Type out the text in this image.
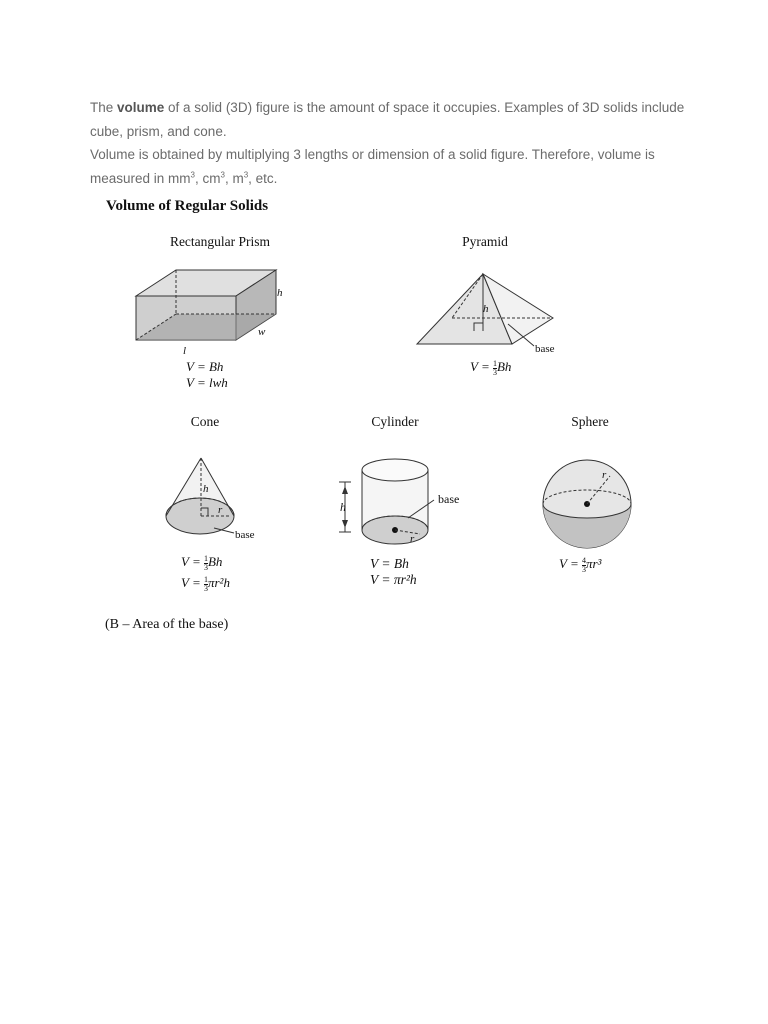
The volume of a solid (3D) figure is the amount of space it occupies. Examples of 3D solids include cube, prism, and cone.
Volume is obtained by multiplying 3 lengths or dimension of a solid figure. Therefore, volume is measured in $mm^3$, $cm^3$, $m^3$, etc.
Volume of Regular Solids
Rectangular Prism
h
w
l
V = Bh
V = lwh
Pyramid
h
base
$V = \frac{1}{3}$ Bh
Cone
h
r
base
$V = \frac{1}{3}$ Bh
$V = \frac{1}{3} \pi r^2h$
Cylinder
h
r
base
V = Bh
V = πr²h
Sphere
r
$V = \frac{4}{3} \pi r^3$
(B – Area of the base)
